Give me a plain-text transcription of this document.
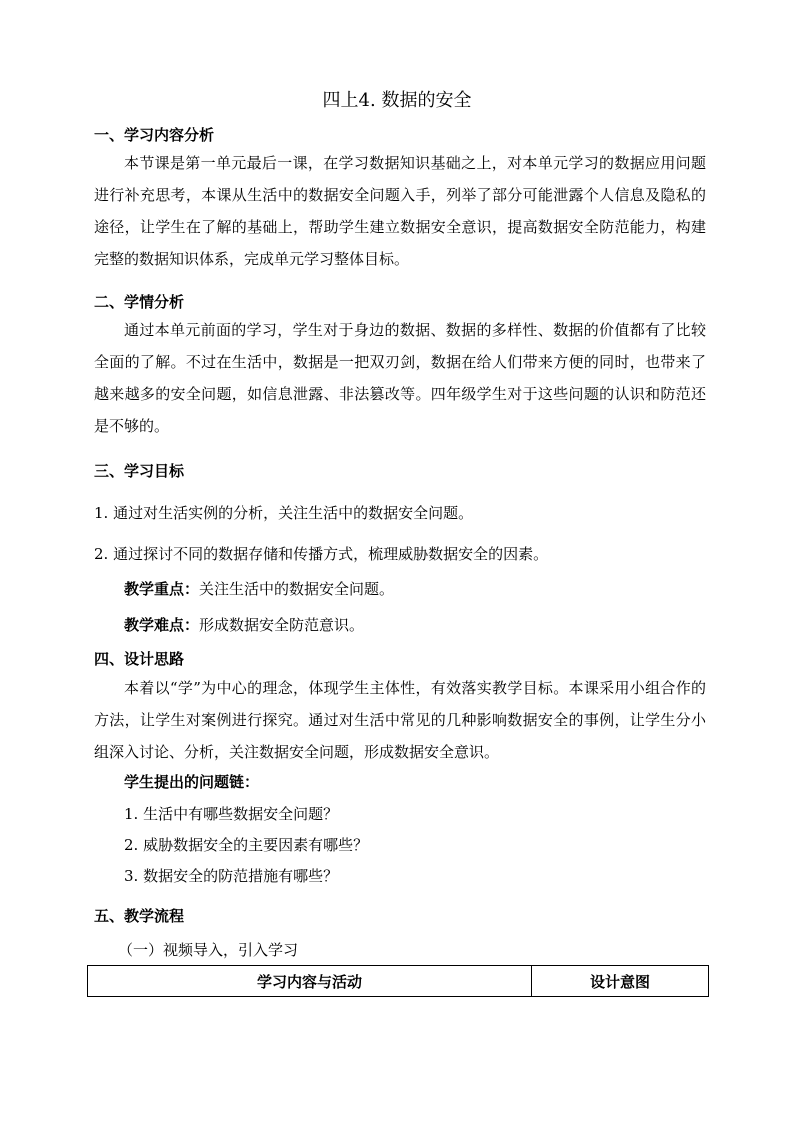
四上4. 数据的安全
一、学习内容分析

本节课是第一单元最后一课，在学习数据知识基础之上，对本单元学习的数据应用问题进行补充思考，本课从生活中的数据安全问题入手，列举了部分可能泄露个人信息及隐私的途径，让学生在了解的基础上，帮助学生建立数据安全意识，提高数据安全防范能力，构建完整的数据知识体系，完成单元学习整体目标。

二、学情分析

通过本单元前面的学习，学生对于身边的数据、数据的多样性、数据的价值都有了比较全面的了解。不过在生活中，数据是一把双刃剑，数据在给人们带来方便的同时，也带来了越来越多的安全问题，如信息泄露、非法篡改等。四年级学生对于这些问题的认识和防范还是不够的。

三、学习目标
1. 通过对生活实例的分析，关注生活中的数据安全问题。
2. 通过探讨不同的数据存储和传播方式，梳理威胁数据安全的因素。
教学重点：关注生活中的数据安全问题。
教学难点：形成数据安全防范意识。
四、设计思路

本着以“学”为中心的理念，体现学生主体性，有效落实教学目标。本课采用小组合作的方法，让学生对案例进行探究。通过对生活中常见的几种影响数据安全的事例，让学生分小组深入讨论、分析，关注数据安全问题，形成数据安全意识。

学生提出的问题链：
1. 生活中有哪些数据安全问题？
2. 威胁数据安全的主要因素有哪些？
3. 数据安全的防范措施有哪些？
五、教学流程
（一）视频导入，引入学习
学习内容与活动	设计意图
